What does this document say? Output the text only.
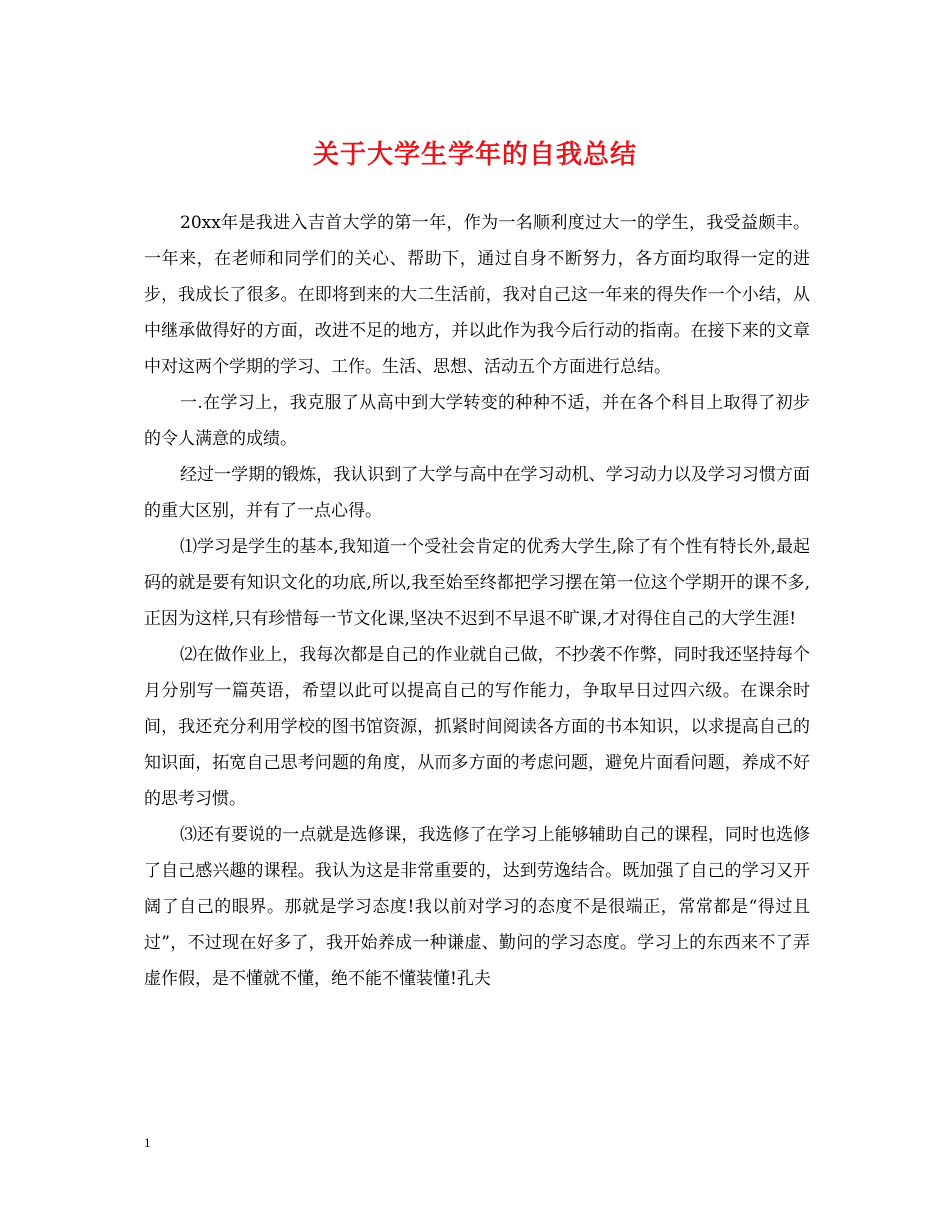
关于大学生学年的自我总结

20xx年是我进入吉首大学的第一年，作为一名顺利度过大一的学生，我受益颇丰。一年来，在老师和同学们的关心、帮助下，通过自身不断努力，各方面均取得一定的进步，我成长了很多。在即将到来的大二生活前，我对自己这一年来的得失作一个小结，从中继承做得好的方面，改进不足的地方，并以此作为我今后行动的指南。在接下来的文章中对这两个学期的学习、工作。生活、思想、活动五个方面进行总结。

一.在学习上，我克服了从高中到大学转变的种种不适，并在各个科目上取得了初步的令人满意的成绩。

经过一学期的锻炼，我认识到了大学与高中在学习动机、学习动力以及学习习惯方面的重大区别，并有了一点心得。

⑴学习是学生的基本,我知道一个受社会肯定的优秀大学生,除了有个性有特长外,最起码的就是要有知识文化的功底,所以,我至始至终都把学习摆在第一位这个学期开的课不多,正因为这样,只有珍惜每一节文化课,坚决不迟到不早退不旷课,才对得住自己的大学生涯!

⑵在做作业上，我每次都是自己的作业就自己做，不抄袭不作弊，同时我还坚持每个月分别写一篇英语，希望以此可以提高自己的写作能力，争取早日过四六级。在课余时间，我还充分利用学校的图书馆资源，抓紧时间阅读各方面的书本知识，以求提高自己的知识面，拓宽自己思考问题的角度，从而多方面的考虑问题，避免片面看问题，养成不好的思考习惯。

⑶还有要说的一点就是选修课，我选修了在学习上能够辅助自己的课程，同时也选修了自己感兴趣的课程。我认为这是非常重要的，达到劳逸结合。既加强了自己的学习又开阔了自己的眼界。那就是学习态度!我以前对学习的态度不是很端正，常常都是“得过且过”，不过现在好多了，我开始养成一种谦虚、勤问的学习态度。学习上的东西来不了弄虚作假，是不懂就不懂，绝不能不懂装懂!孔夫

1
